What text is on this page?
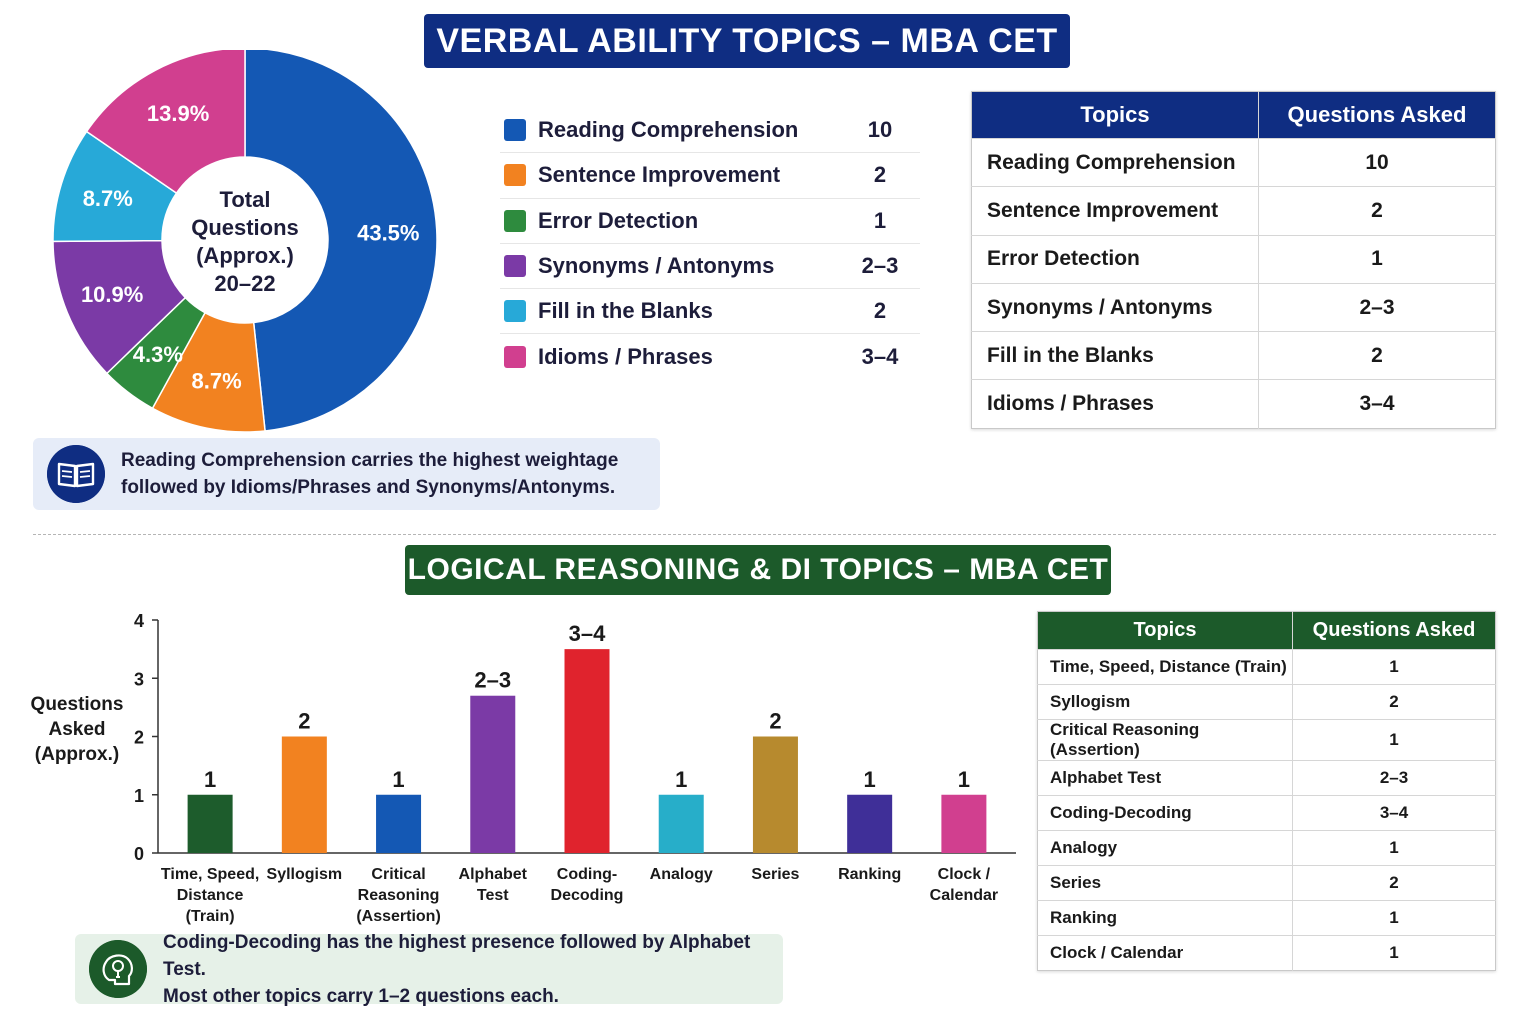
VERBAL ABILITY TOPICS – MBA CET
43.5%
8.7%
4.3%
10.9%
8.7%
13.9%
Total
Questions
(Approx.)
20–22
Reading Comprehension	10
Sentence Improvement	2
Error Detection	1
Synonyms / Antonyms	2–3
Fill in the Blanks	2
Idioms / Phrases	3–4
Topics	Questions Asked
Reading Comprehension	10
Sentence Improvement	2
Error Detection	1
Synonyms / Antonyms	2–3
Fill in the Blanks	2
Idioms / Phrases	3–4
Reading Comprehension carries the highest weightage
followed by Idioms/Phrases and Synonyms/Antonyms.
LOGICAL REASONING & DI TOPICS – MBA CET
Questions
Asked
(Approx.)
0
1
2
3
4
1
Time, Speed,
Distance
(Train)
2
Syllogism
1
Critical
Reasoning
(Assertion)
2–3
Alphabet
Test
3–4
Coding-
Decoding
1
Analogy
2
Series
1
Ranking
1
Clock /
Calendar
Topics	Questions Asked
Time, Speed, Distance (Train)	1
Syllogism	2
Critical Reasoning (Assertion)	1
Alphabet Test	2–3
Coding-Decoding	3–4
Analogy	1
Series	2
Ranking	1
Clock / Calendar	1
Coding-Decoding has the highest presence followed by Alphabet Test.
Most other topics carry 1–2 questions each.
